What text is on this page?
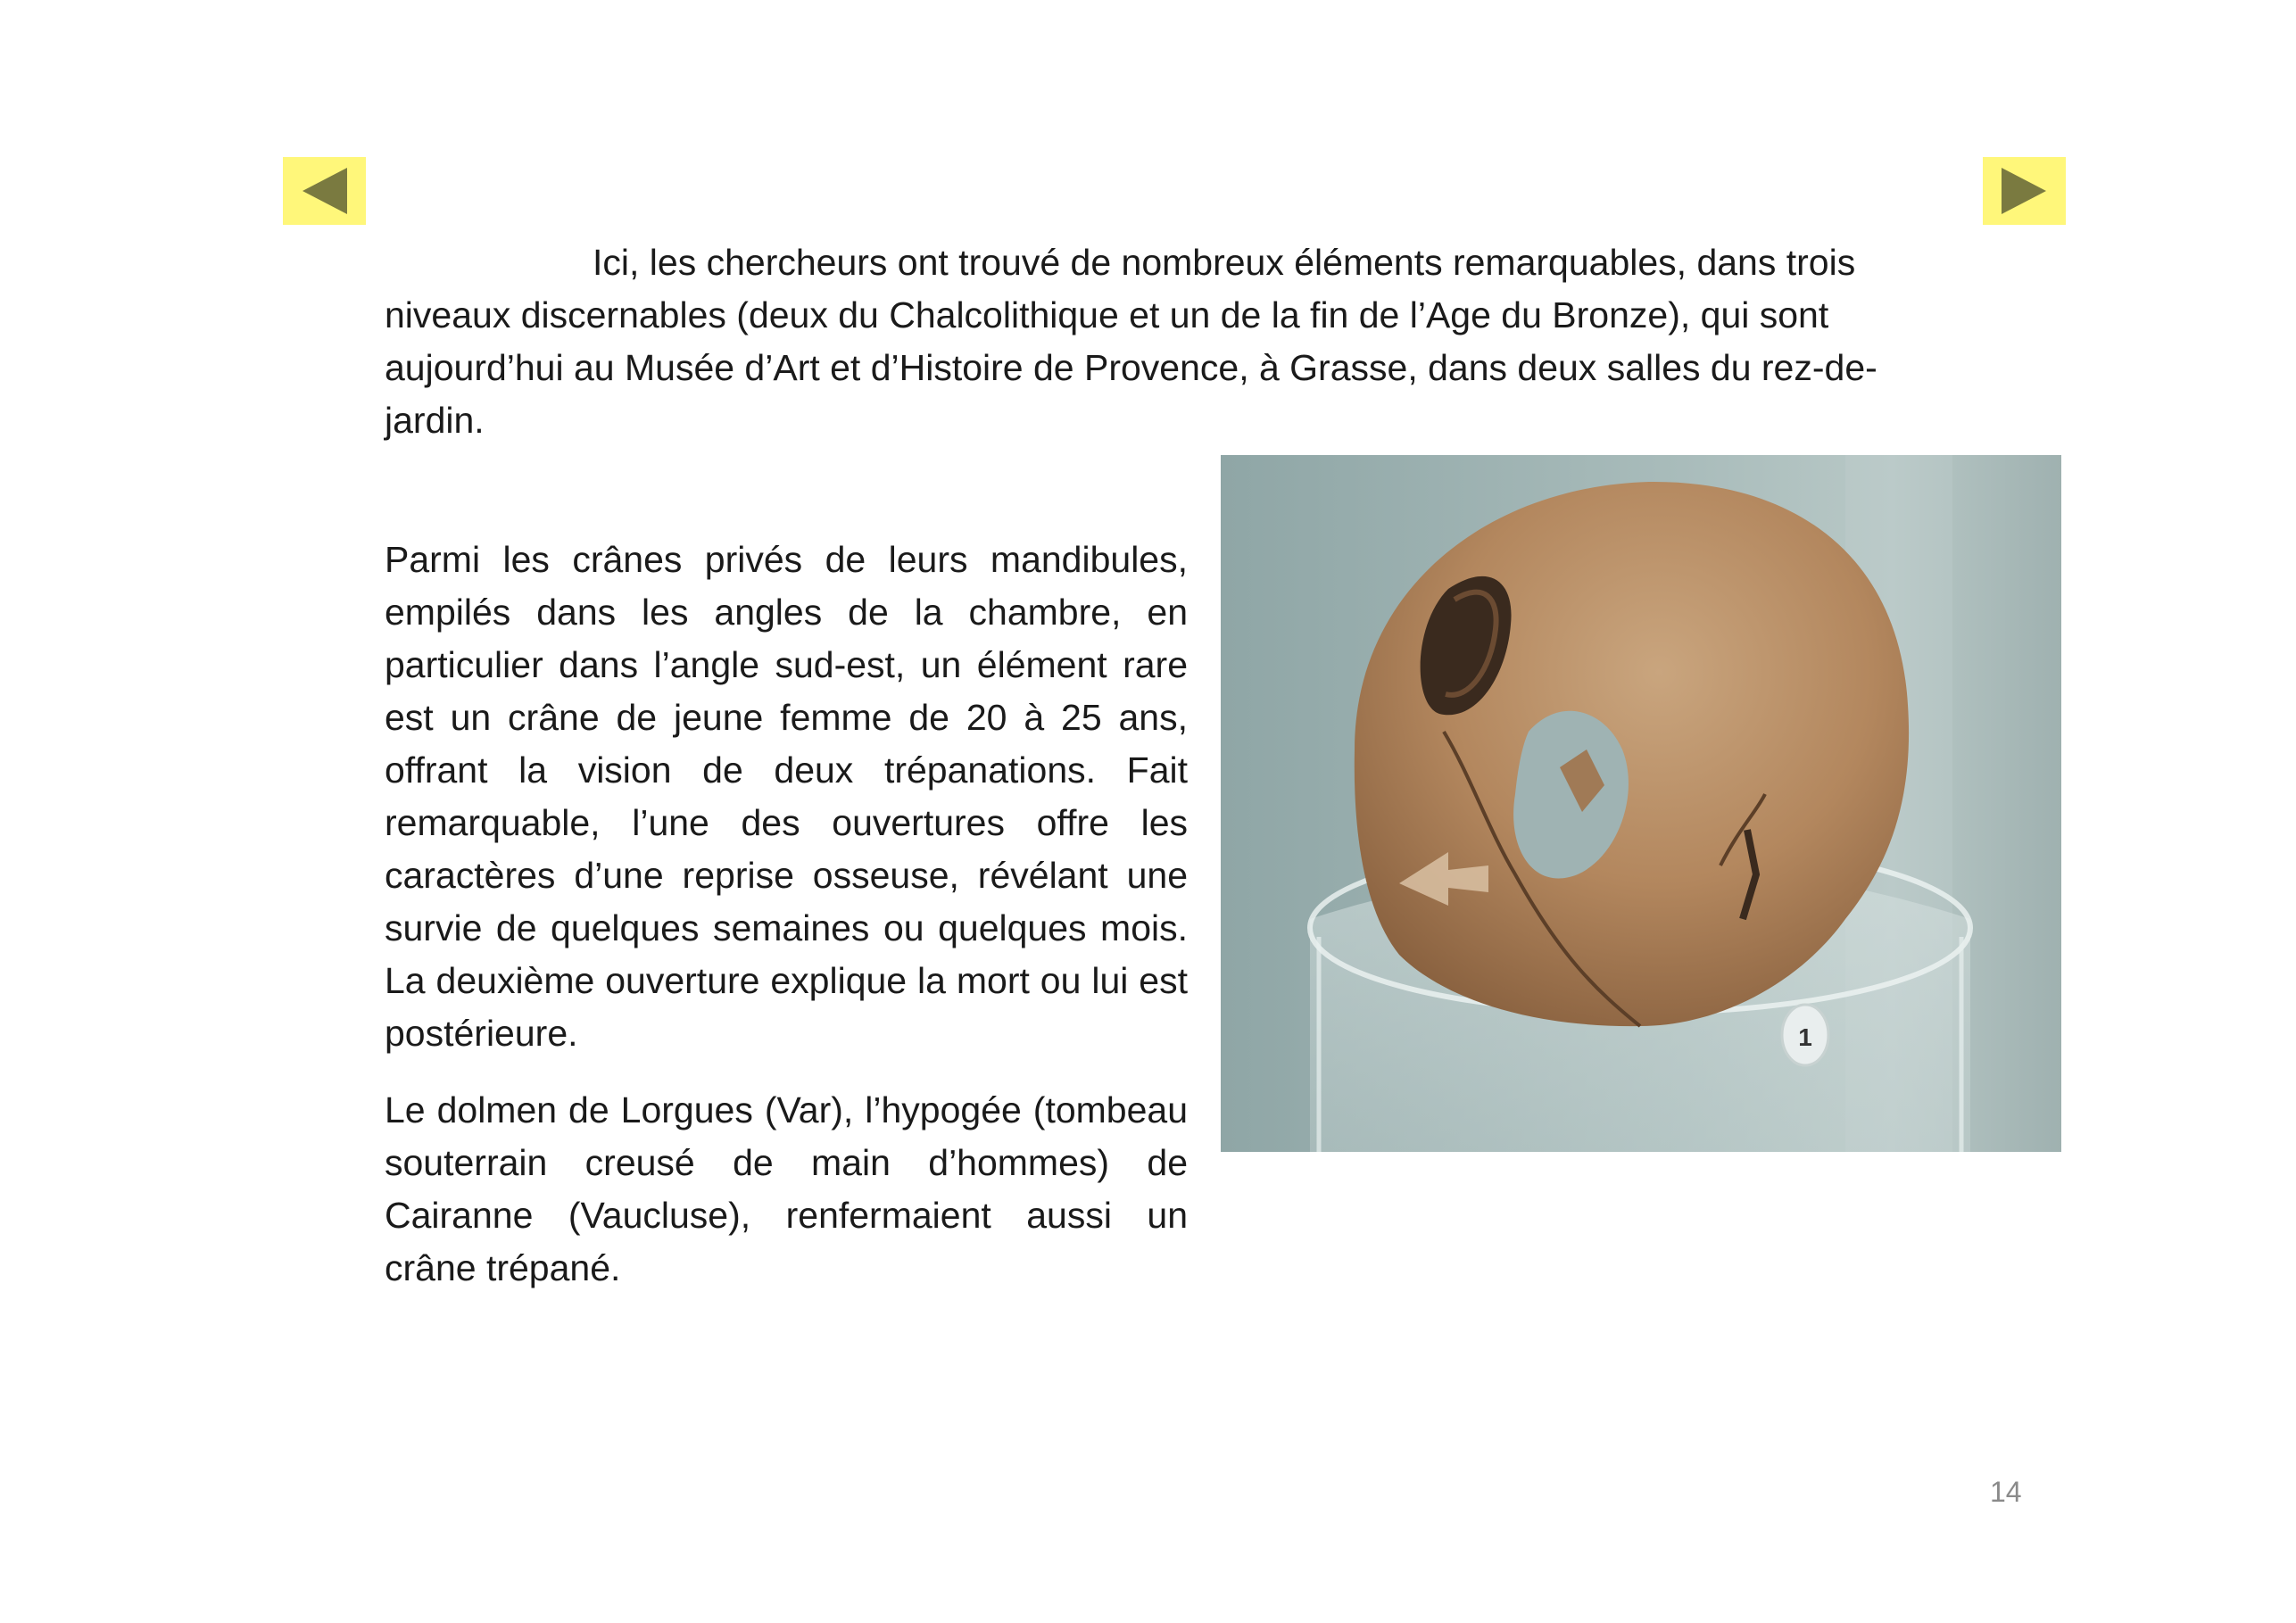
Ici, les chercheurs ont trouvé de nombreux éléments remarquables, dans trois niveaux discernables (deux du Chalcolithique et un de la fin de l’Age du Bronze), qui sont aujourd’hui au Musée d’Art et d’Histoire de Provence, à Grasse, dans deux salles du rez-de-jardin.

Parmi les crânes privés de leurs mandibules, empilés dans les angles de la chambre, en particulier dans l’angle sud-est, un élément rare est un crâne de jeune femme de 20 à 25 ans, offrant la vision de deux trépanations. Fait remarquable, l’une des ouvertures offre les caractères d’une reprise osseuse, révélant une survie de quelques semaines ou quelques mois. La deuxième ouverture explique la mort ou lui est postérieure.

Le dolmen de Lorgues (Var), l’hypogée (tombeau souterrain creusé de main d’hommes) de Cairanne (Vaucluse), renfermaient aussi un crâne trépané.

1

14
